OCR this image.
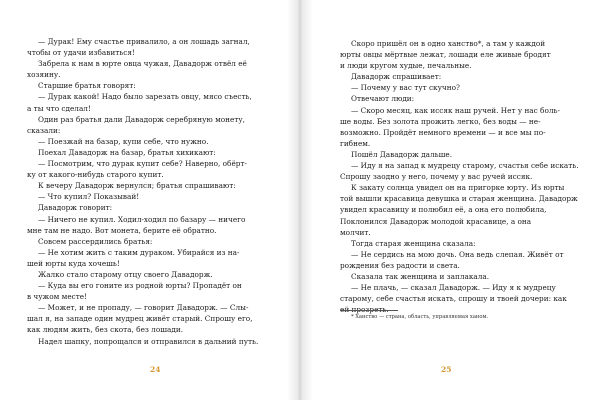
— Дурак! Ему счастье привалило, а он лошадь загнал,
чтобы от удачи избавиться!
Забрела к нам в юрте овца чужая, Давадорж отвёл её
хозяину.
Старшие братья говорят:
— Дурак какой! Надо было зарезать овцу, мясо съесть,
а ты что сделал!
Один раз братья дали Давадорж серебряную монету,
сказали:
— Поезжай на базар, купи себе, что нужно.
Поехал Давадорж на базар, братья хихикают:
— Посмотрим, что дурак купит себе? Наверно, обёрт-
ку от какого-нибудь старого купит.
К вечеру Давадорж вернулся; братья спрашивают:
— Что купил? Показывай!
Давадорж говорит:
— Ничего не купил. Ходил-ходил по базару — ничего
мне там не надо. Вот монета, берите её обратно.
Совсем рассердились братья:
— Не хотим жить с таким дураком. Убирайся из на-
шей юрты куда хочешь!
Жалко стало старому отцу своего Давадорж.
— Куда вы его гоните из родной юрты? Пропадёт он
в чужом месте!
— Может, и не пропаду, — говорит Давадорж. — Слы-
шал я, на западе один мудрец живёт старый. Спрошу его,
как людям жить, без скота, без лошади.
Надел шапку, попрощался и отправился в дальний путь.
24
Скоро пришёл он в одно ханство*, а там у каждой
юрты овцы мёртвые лежат, лошади еле живые бродят
и люди кругом худые, печальные.
Давадорж спрашивает:
— Почему у вас тут скучно?
Отвечают люди:
— Скоро месяц, как иссяк наш ручей. Нет у нас боль-
ше воды. Без золота прожить легко, без воды — не-
возможно. Пройдёт немного времени — и все мы по-
гибнем.
Пошёл Давадорж дальше.
— Иду я на запад к мудрецу старому, счастья себе искать.
Спрошу заодно у него, почему у вас ручей иссяк.
К закату солнца увидел он на пригорке юрту. Из юрты
той вышли красавица девушка и старая женщина. Давадорж
увидел красавицу и полюбил её, а она его полюбила,
Поклонился Давадорж молодой красавице, а она
молчит.
Тогда старая женщина сказала:
— Не сердись на мою дочь. Она ведь слепая. Живёт от
рождения без радости и света.
Сказала так женщина и заплакала.
— Не плачь, — сказал Давадорж. — Иду я к мудрецу
старому, себе счастья искать, спрошу и твоей дочери: как
ей прозреть.
* Ханство — страна, область, управляемая ханом.
25
